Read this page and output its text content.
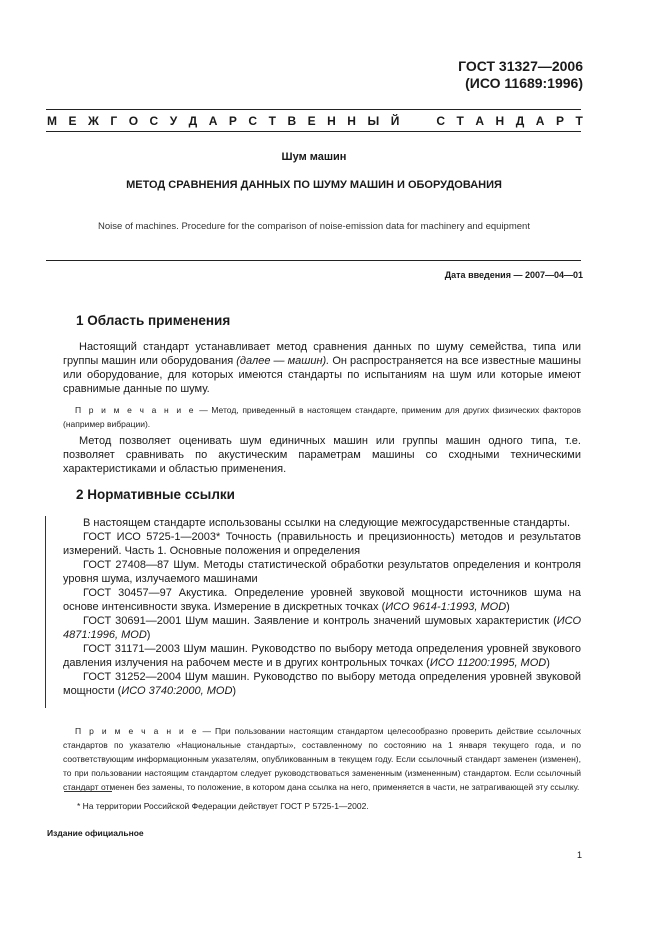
ГОСТ 31327—2006
(ИСО 11689:1996)
М Е Ж Г О С У Д А Р С Т В Е Н Н Ы Й	С Т А Н Д А Р Т
Шум машин
МЕТОД СРАВНЕНИЯ ДАННЫХ ПО ШУМУ МАШИН И ОБОРУДОВАНИЯ
Noise of machines. Procedure for the comparison of noise-emission data for machinery and equipment
Дата введения — 2007—04—01
1 Область применения
Настоящий стандарт устанавливает метод сравнения данных по шуму семейства, типа или группы машин или оборудования (далее — машин). Он распространяется на все известные машины или оборудование, для которых имеются стандарты по испытаниям на шум или которые имеют сравнимые данные по шуму.
П р и м е ч а н и е — Метод, приведенный в настоящем стандарте, применим для других физических факторов (например вибрации).
Метод позволяет оценивать шум единичных машин или группы машин одного типа, т.е. позволяет сравнивать по акустическим параметрам машины со сходными техническими характеристиками и областью применения.
2 Нормативные ссылки

В настоящем стандарте использованы ссылки на следующие межгосударственные стандарты.

ГОСТ ИСО 5725-1—2003* Точность (правильность и прецизионность) методов и результатов измерений. Часть 1. Основные положения и определения

ГОСТ 27408—87 Шум. Методы статистической обработки результатов определения и контроля уровня шума, излучаемого машинами

ГОСТ 30457—97 Акустика. Определение уровней звуковой мощности источников шума на основе интенсивности звука. Измерение в дискретных точках (ИСО 9614-1:1993, MOD)

ГОСТ 30691—2001 Шум машин. Заявление и контроль значений шумовых характеристик (ИСО 4871:1996, MOD)

ГОСТ 31171—2003 Шум машин. Руководство по выбору метода определения уровней звукового давления излучения на рабочем месте и в других контрольных точках (ИСО 11200:1995, MOD)

ГОСТ 31252—2004 Шум машин. Руководство по выбору метода определения уровней звуковой мощности (ИСО 3740:2000, MOD)

П р и м е ч а н и е — При пользовании настоящим стандартом целесообразно проверить действие ссылочных стандартов по указателю «Национальные стандарты», составленному по состоянию на 1 января текущего года, и по соответствующим информационным указателям, опубликованным в текущем году. Если ссылочный стандарт заменен (изменен), то при пользовании настоящим стандартом следует руководствоваться замененным (измененным) стандартом. Если ссылочный стандарт отменен без замены, то положение, в котором дана ссылка на него, применяется в части, не затрагивающей эту ссылку.
* На территории Российской Федерации действует ГОСТ Р 5725-1—2002.
Издание официальное
1
